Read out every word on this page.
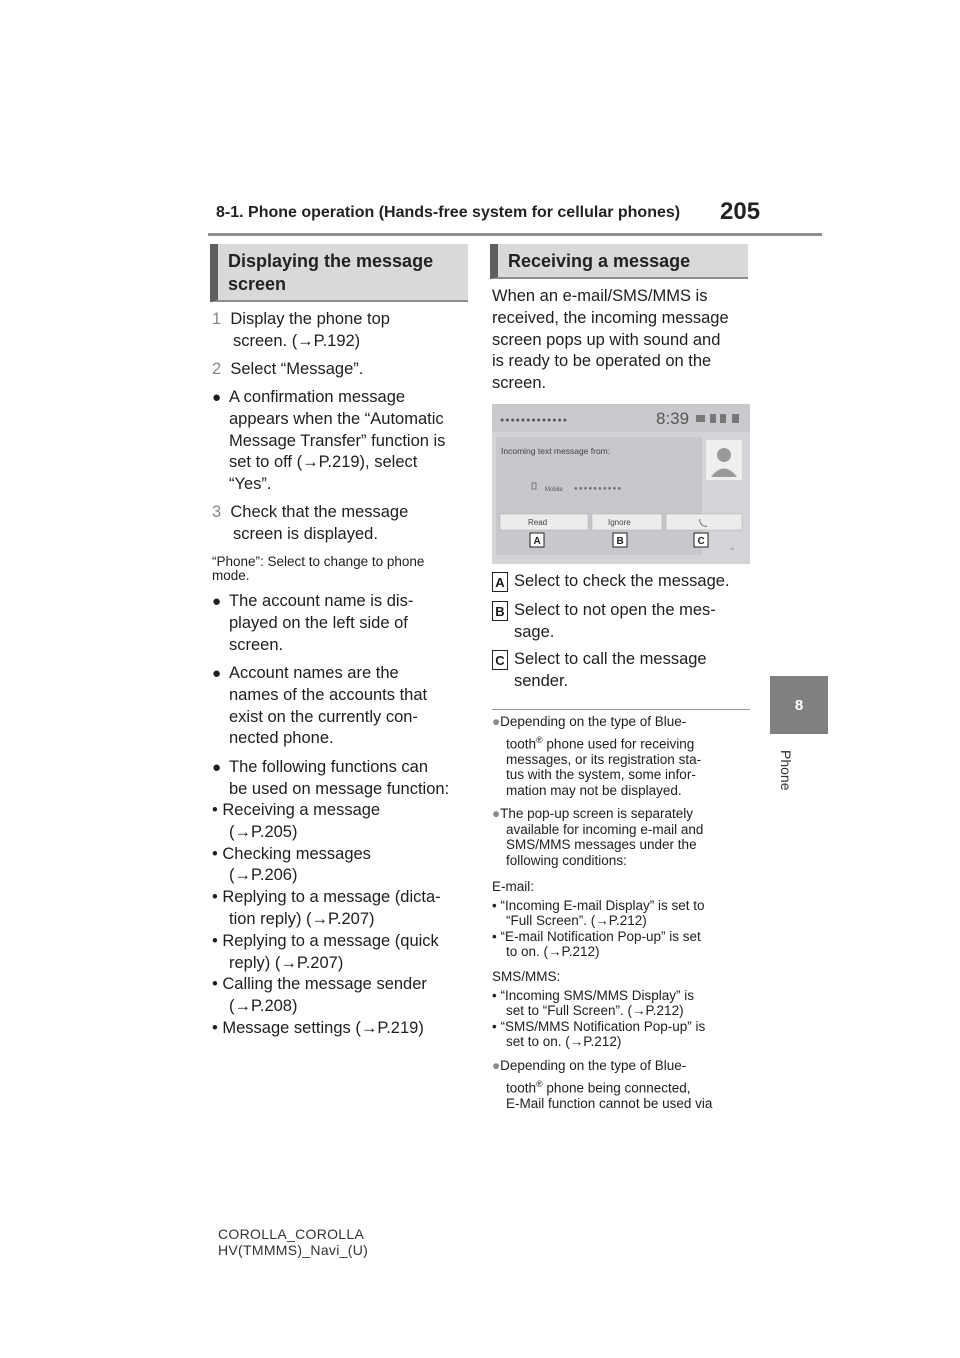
8-1. Phone operation (Hands-free system for cellular phones) 205
8
Phone
Displaying the message
screen
1 Display the phone top
screen. (→P.192)
2 Select “Message”.
● A confirmation message
appears when the “Automatic
Message Transfer” function is
set to off (→P.219), select
“Yes”.
3 Check that the message
screen is displayed.
“Phone”: Select to change to phone
mode.
● The account name is dis-
played on the left side of
screen.
● Account names are the
names of the accounts that
exist on the currently con-
nected phone.
● The following functions can
be used on message function:
• Receiving a message
(→P.205)
• Checking messages
(→P.206)
• Replying to a message (dicta-
tion reply) (→P.207)
• Replying to a message (quick
reply) (→P.207)
• Calling the message sender
(→P.208)
• Message settings (→P.219)
Receiving a message
When an e-mail/SMS/MMS is
received, the incoming message
screen pops up with sound and
is ready to be operated on the
screen.
●●●●●●●●●●●●●	8:39
Incoming text message from:
Mobile ●●●●●●●●●●
Read	Ignore
A	B	C
⌄
A Select to check the message.
B Select to not open the mes-
sage.
C Select to call the message
sender.
●Depending on the type of Blue-
tooth® phone used for receiving
messages, or its registration sta-
tus with the system, some infor-
mation may not be displayed.
●The pop-up screen is separately
available for incoming e-mail and
SMS/MMS messages under the
following conditions:
E-mail:
• “Incoming E-mail Display” is set to
“Full Screen”. (→P.212)
• “E-mail Notification Pop-up” is set
to on. (→P.212)
SMS/MMS:
• “Incoming SMS/MMS Display” is
set to “Full Screen”. (→P.212)
• “SMS/MMS Notification Pop-up” is
set to on. (→P.212)
●Depending on the type of Blue-
tooth® phone being connected,
E-Mail function cannot be used via
COROLLA_COROLLA
HV(TMMMS)_Navi_(U)
